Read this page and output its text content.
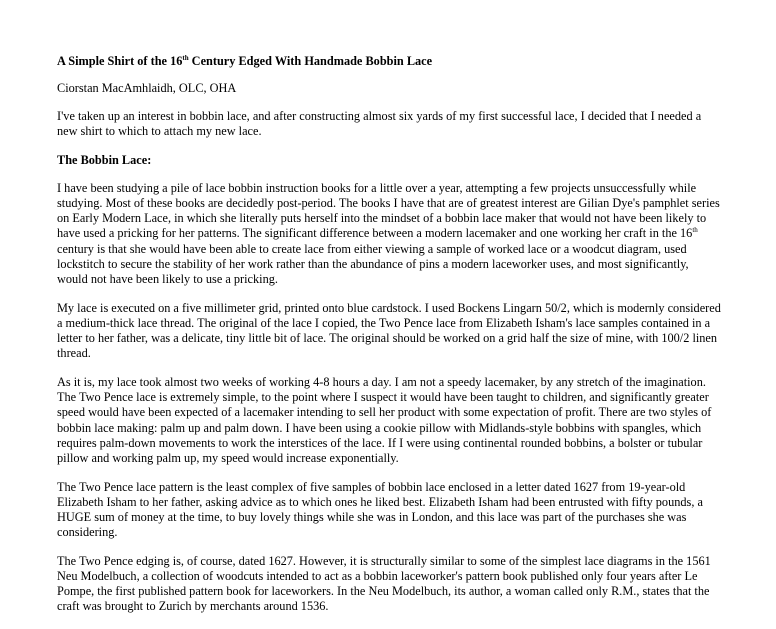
A Simple Shirt of the 16th Century Edged With Handmade Bobbin Lace
Ciorstan MacAmhlaidh, OLC, OHA

I've taken up an interest in bobbin lace, and after constructing almost six yards of my first successful lace, I decided that I needed a new shirt to which to attach my new lace.

The Bobbin Lace:

I have been studying a pile of lace bobbin instruction books for a little over a year, attempting a few projects unsuccessfully while studying. Most of these books are decidedly post-period. The books I have that are of greatest interest are Gilian Dye's pamphlet series on Early Modern Lace, in which she literally puts herself into the mindset of a bobbin lace maker that would not have been likely to have used a pricking for her patterns. The significant difference between a modern lacemaker and one working her craft in the 16th century is that she would have been able to create lace from either viewing a sample of worked lace or a woodcut diagram, used lockstitch to secure the stability of her work rather than the abundance of pins a modern laceworker uses, and most significantly, would not have been likely to use a pricking.

My lace is executed on a five millimeter grid, printed onto blue cardstock. I used Bockens Lingarn 50/2, which is modernly considered a medium-thick lace thread. The original of the lace I copied, the Two Pence lace from Elizabeth Isham's lace samples contained in a letter to her father, was a delicate, tiny little bit of lace. The original should be worked on a grid half the size of mine, with 100/2 linen thread.

As it is, my lace took almost two weeks of working 4-8 hours a day. I am not a speedy lacemaker, by any stretch of the imagination. The Two Pence lace is extremely simple, to the point where I suspect it would have been taught to children, and significantly greater speed would have been expected of a lacemaker intending to sell her product with some expectation of profit. There are two styles of bobbin lace making: palm up and palm down. I have been using a cookie pillow with Midlands-style bobbins with spangles, which requires palm-down movements to work the interstices of the lace. If I were using continental rounded bobbins, a bolster or tubular pillow and working palm up, my speed would increase exponentially.

The Two Pence lace pattern is the least complex of five samples of bobbin lace enclosed in a letter dated 1627 from 19-year-old Elizabeth Isham to her father, asking advice as to which ones he liked best. Elizabeth Isham had been entrusted with fifty pounds, a HUGE sum of money at the time, to buy lovely things while she was in London, and this lace was part of the purchases she was considering.

The Two Pence edging is, of course, dated 1627. However, it is structurally similar to some of the simplest lace diagrams in the 1561 Neu Modelbuch, a collection of woodcuts intended to act as a bobbin laceworker's pattern book published only four years after Le Pompe, the first published pattern book for laceworkers. In the Neu Modelbuch, its author, a woman called only R.M., states that the craft was brought to Zurich by merchants around 1536.
